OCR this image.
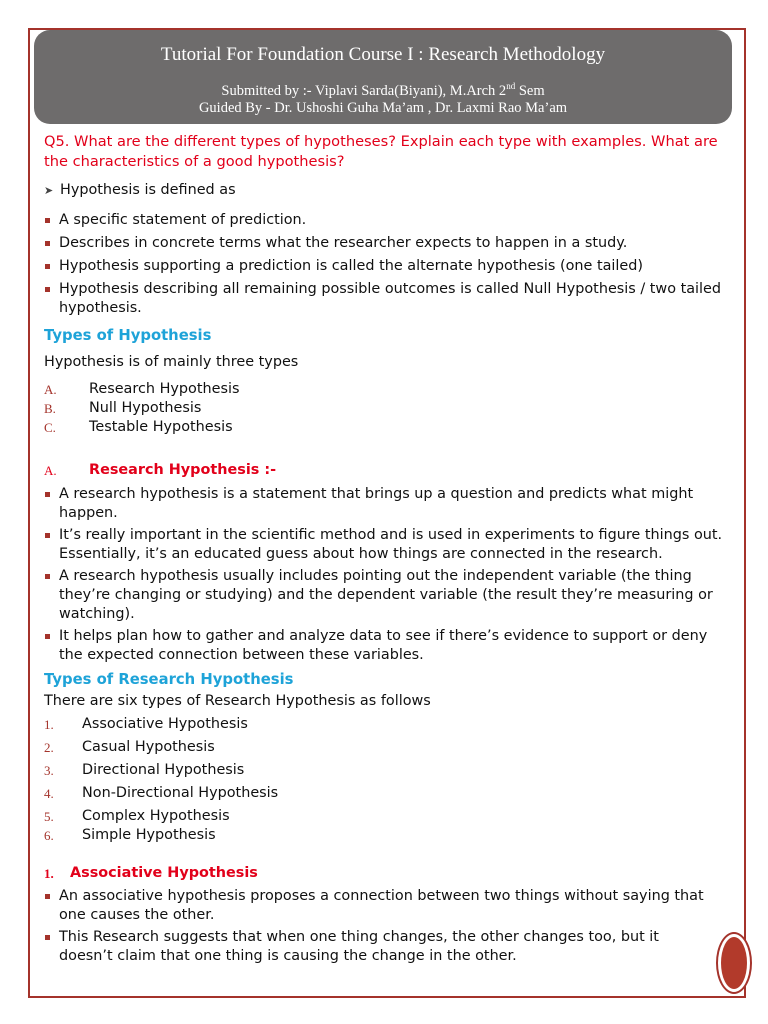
Tutorial For Foundation Course I : Research Methodology
Submitted by :- Viplavi Sarda(Biyani), M.Arch 2nd Sem
Guided By - Dr. Ushoshi Guha Ma’am , Dr. Laxmi Rao Ma’am
Q5. What are the different types of hypotheses? Explain each type with examples. What are the characteristics of a good hypothesis?
➤ Hypothesis is defined as
A specific statement of prediction.
Describes in concrete terms what the researcher expects to happen in a study.
Hypothesis supporting a prediction is called the alternate hypothesis (one tailed)
Hypothesis describing all remaining possible outcomes is called Null Hypothesis / two tailed hypothesis.
Types of Hypothesis
Hypothesis is of mainly three types
A.	Research Hypothesis
B.	Null Hypothesis
C.	Testable Hypothesis
A.	Research Hypothesis :-
A research hypothesis is a statement that brings up a question and predicts what might happen.
It’s really important in the scientific method and is used in experiments to figure things out. Essentially, it’s an educated guess about how things are connected in the research.
A research hypothesis usually includes pointing out the independent variable (the thing they’re changing or studying) and the dependent variable (the result they’re measuring or watching).
It helps plan how to gather and analyze data to see if there’s evidence to support or deny the expected connection between these variables.
Types of Research Hypothesis
There are six types of Research Hypothesis as follows
1.	Associative Hypothesis
2.	Casual Hypothesis
3.	Directional Hypothesis
4.	Non-Directional Hypothesis
5.	Complex Hypothesis
6.	Simple Hypothesis
1.	Associative Hypothesis
An associative hypothesis proposes a connection between two things without saying that one causes the other.
This Research suggests that when one thing changes, the other changes too, but it doesn’t claim that one thing is causing the change in the other.
